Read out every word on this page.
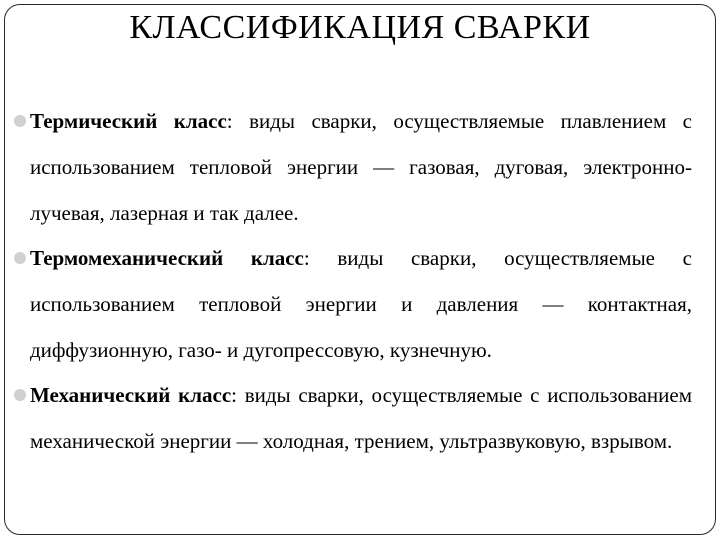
КЛАССИФИКАЦИЯ СВАРКИ

Термический класс: виды сварки, осуществляемые плавлением с использованием тепловой энергии — газовая, дуговая, электронно-лучевая, лазерная и так далее.

Термомеханический класс: виды сварки, осуществляемые с использованием тепловой энергии и давления — контактная, диффузионную, газо- и дугопрессовую, кузнечную.

Механический класс: виды сварки, осуществляемые с использованием механической энергии — холодная, трением, ультразвуковую, взрывом.
